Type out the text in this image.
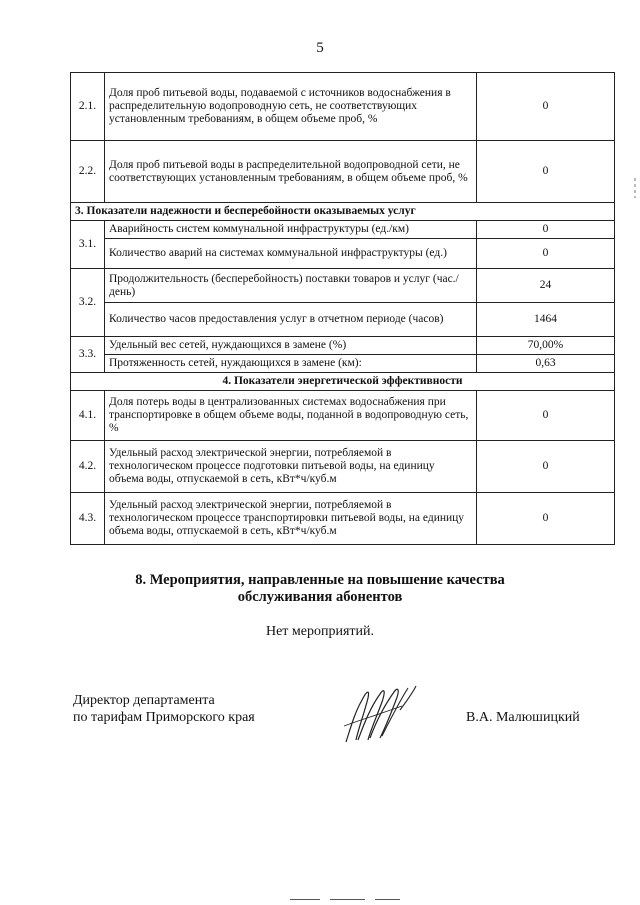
5
2.1.	Доля проб питьевой воды, подаваемой с источников водоснабжения в распределительную водопроводную сеть, не соответствующих установленным требованиям, в общем объеме проб, %	0
2.2.	Доля проб питьевой воды в распределительной водопроводной сети, не соответствующих установленным требованиям, в общем объеме проб, %	0
3. Показатели надежности и бесперебойности оказываемых услуг		
3.1.	Аварийность систем коммунальной инфраструктуры (ед./км)	0
	Количество аварий на системах коммунальной инфраструктуры (ед.)	0
3.2.	Продолжительность (бесперебойность) поставки товаров и услуг (час./день)	24
	Количество часов предоставления услуг в отчетном периоде (часов)	1464
3.3.	Удельный вес сетей, нуждающихся в замене (%)	70,00%
	Протяженность сетей, нуждающихся в замене (км):	0,63
4. Показатели энергетической эффективности		
4.1.	Доля потерь воды в централизованных системах водоснабжения при транспортировке в общем объеме воды, поданной в водопроводную сеть, %	0
4.2.	Удельный расход электрической энергии, потребляемой в технологическом процессе подготовки питьевой воды, на единицу объема воды, отпускаемой в сеть, кВт*ч/куб.м	0
4.3.	Удельный расход электрической энергии, потребляемой в технологическом процессе транспортировки питьевой воды, на единицу объема воды, отпускаемой в сеть, кВт*ч/куб.м	0
8. Мероприятия, направленные на повышение качества
обслуживания абонентов
Нет мероприятий.
Директор департамента
по тарифам Приморского края	В.А. Малюшицкий
